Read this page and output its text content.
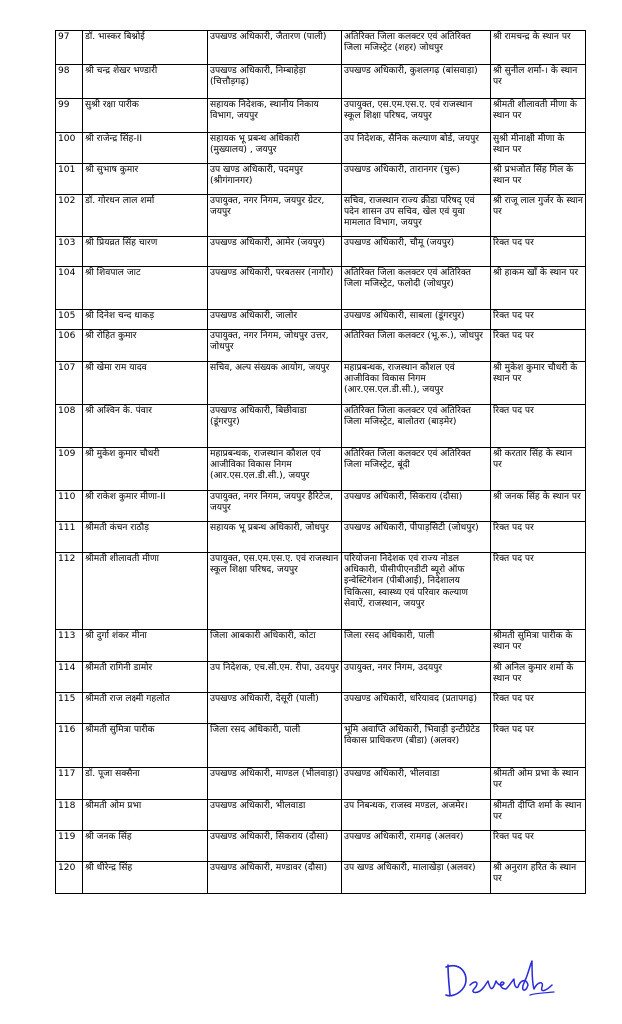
97	डॉ. भास्कर बिश्नोई	उपखण्ड अधिकारी, जैतारण (पाली)	अतिरिक्त जिला कलक्टर एवं अतिरिक्त जिला मजिस्ट्रेट (शहर) जोधपुर	श्री रामचन्द्र के स्थान पर
98	श्री चन्द्र शेखर भण्डारी	उपखण्ड अधिकारी, निम्बाहेड़ा (चित्तौड़गढ़)	उपखण्ड अधिकारी, कुशलगढ़ (बांसवाड़ा)	श्री सुनील शर्मा-। के स्थान पर
99	सुश्री रक्षा पारीक	सहायक निदेशक, स्थानीय निकाय विभाग, जयपुर	उपायुक्त, एस.एम.एस.ए. एवं राजस्थान स्कूल शिक्षा परिषद, जयपुर	श्रीमती शीलावती मीणा के स्थान पर
100	श्री राजेन्द्र सिंह-II	सहायक भू प्रबन्ध अधिकारी (मुख्यालय) , जयपुर	उप निदेशक, सैनिक कल्याण बोर्ड, जयपुर	सुश्री मीनाक्षी मीणा के स्थान पर
101	श्री सुभाष कुमार	उप खण्ड अधिकारी, पदमपुर (श्रीगंगानगर)	उपखण्ड अधिकारी, तारानगर (चुरू)	श्री प्रभजोत सिंह गिल के स्थान पर
102	डॉ. गोरधन लाल शर्मा	उपायुक्त, नगर निगम, जयपुर ग्रेटर, जयपुर	सचिव, राजस्थान राज्य क्रीडा परिषद् एवं पदेन शासन उप सचिव, खेल एवं युवा मामलात विभाग, जयपुर	श्री राजू लाल गुर्जर के स्थान पर
103	श्री प्रियव्रत सिंह चारण	उपखण्ड अधिकारी, आमेर (जयपुर)	उपखण्ड अधिकारी, चौमू (जयपुर)	रिक्त पद पर
104	श्री शिवपाल जाट	उपखण्ड अधिकारी, परबतसर (नागौर)	अतिरिक्त जिला कलक्टर एवं अतिरिक्त जिला मजिस्ट्रेट, फलोदी (जोधपुर)	श्री हाकम खॉं के स्थान पर
105	श्री दिनेश चन्द धाकड़	उपखण्ड अधिकारी, जालोर	उपखण्ड अधिकारी, साबला (डूंगरपुर)	रिक्त पद पर
106	श्री रोहित कुमार	उपायुक्त, नगर निगम, जोधपुर उत्तर, जोधपुर	अतिरिक्त जिला कलक्टर (भू.रू.), जोधपुर	रिक्त पद पर
107	श्री खेमा राम यादव	सचिव, अल्प संख्यक आयोग, जयपुर	महाप्रबन्धक, राजस्थान कौशल एवं आजीविका विकास निगम (आर.एस.एल.डी.सी.), जयपुर	श्री मुकेश कुमार चौधरी के स्थान पर
108	श्री अश्विन के. पंवार	उपखण्ड अधिकारी, बिछीवाडा (डूंगरपुर)	अतिरिक्त जिला कलक्टर एवं अतिरिक्त जिला मजिस्ट्रेट, बालोतरा (बाड़मेर)	रिक्त पद पर
109	श्री मुकेश कुमार चौधरी	महाप्रबन्धक, राजस्थान कौशल एवं आजीविका विकास निगम (आर.एस.एल.डी.सी.), जयपुर	अतिरिक्त जिला कलक्टर एवं अतिरिक्त जिला मजिस्ट्रेट, बूंदी	श्री करतार सिंह के स्थान पर
110	श्री राकेश कुमार मीणा-II	उपायुक्त, नगर निगम, जयपुर हैरिटेज, जयपुर	उपखण्ड अधिकारी, सिकराय (दौसा)	श्री जनक सिंह के स्थान पर
111	श्रीमती कंचन राठौड़	सहायक भू प्रबन्ध अधिकारी, जोधपुर	उपखण्ड अधिकारी, पीपाड़सिटी (जोधपुर)	रिक्त पद पर
112	श्रीमती शीलावती मीणा	उपायुक्त, एस.एम.एस.ए. एवं राजस्थान स्कूल शिक्षा परिषद, जयपुर	परियोजना निदेशक एवं राज्य नोडल अधिकारी, पीसीपीएनडीटी ब्यूरो ऑफ इन्वेस्टिगेशन (पीबीआई), निदेशालय चिकित्सा, स्वास्थ्य एवं परिवार कल्याण सेवाऐं, राजस्थान, जयपुर	रिक्त पद पर
113	श्री दुर्गा शंकर मीना	जिला आबकारी अधिकारी, कोटा	जिला रसद अधिकारी, पाली	श्रीमती सुमित्रा पारीक के स्थान पर
114	श्रीमती रागिनी डामोर	उप निदेशक, एच.सी.एम. रीपा, उदयपुर	उपायुक्त, नगर निगम, उदयपुर	श्री अनिल कुमार शर्मा के स्थान पर
115	श्रीमती राज लक्ष्मी गहलोत	उपखण्ड अधिकारी, देसूरी (पाली)	उपखण्ड अधिकारी, धरियावद (प्रतापगढ़)	रिक्त पद पर
116	श्रीमती सुमित्रा पारीक	जिला रसद अधिकारी, पाली	भूमि अवाप्ति अधिकारी, भिवाड़ी इन्टीग्रेटेड विकास प्राधिकरण (बीडा) (अलवर)	रिक्त पद पर
117	डॉ. पूजा सक्सैना	उपखण्ड अधिकारी, माण्डल (भीलवाड़ा)	उपखण्ड अधिकारी, भीलवाडा	श्रीमती ओम प्रभा के स्थान पर
118	श्रीमती ओम प्रभा	उपखण्ड अधिकारी, भीलवाडा	उप निबन्धक, राजस्व मण्डल, अजमेर।	श्रीमती दीप्ति शर्मा के स्थान पर
119	श्री जनक सिंह	उपखण्ड अधिकारी, सिकराय (दौसा)	उपखण्ड अधिकारी, रामगढ़ (अलवर)	रिक्त पद पर
120	श्री धीरेन्द्र सिंह	उपखण्ड अधिकारी, मण्डावर (दौसा)	उप खण्ड अधिकारी, मालाखेड़ा (अलवर)	श्री अनुराग हरित के स्थान पर
